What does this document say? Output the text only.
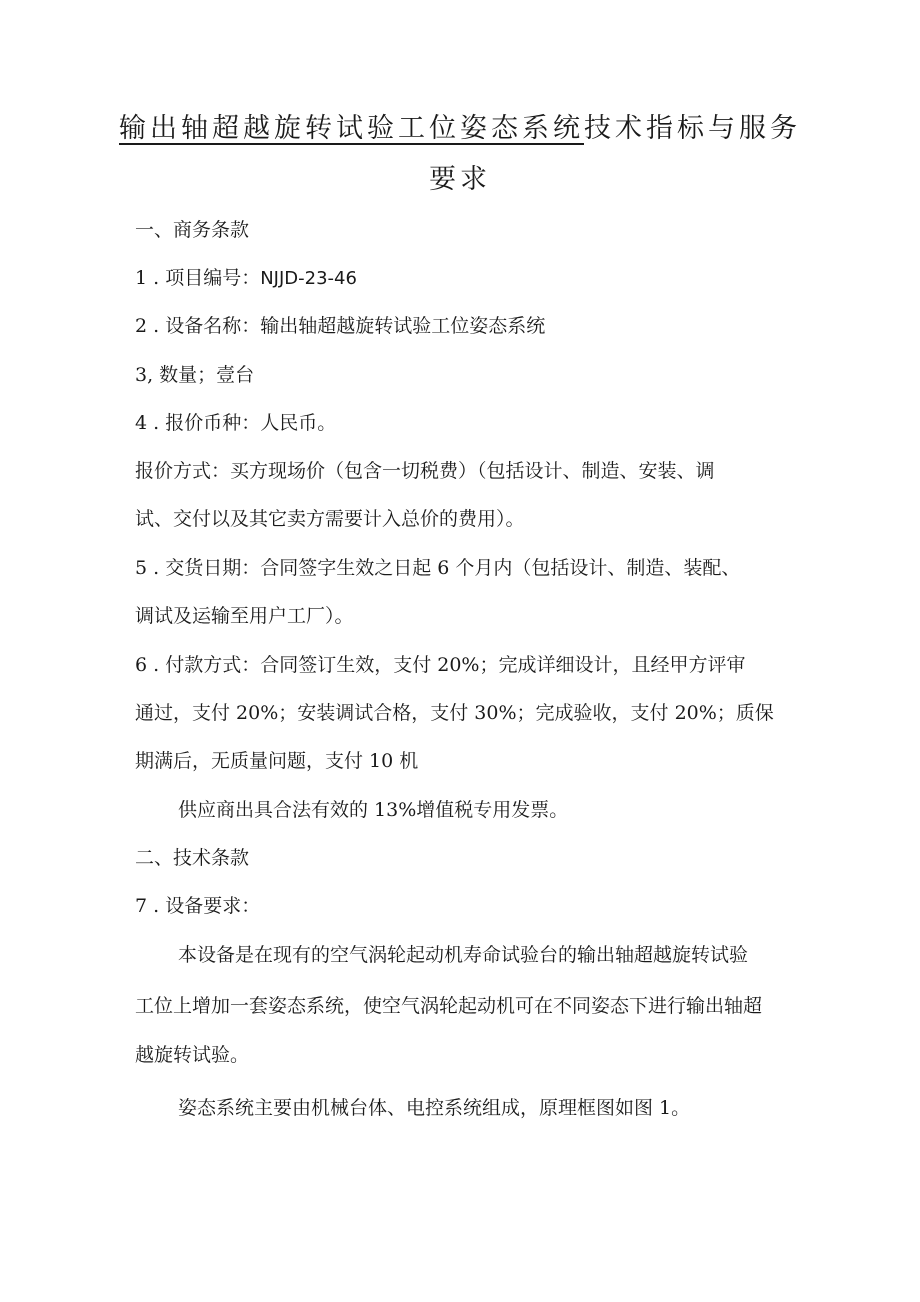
输出轴超越旋转试验工位姿态系统技术指标与服务
要求
一、商务条款
1 . 项目编号：NJJD-23-46
2 . 设备名称：输出轴超越旋转试验工位姿态系统
3, 数量；壹台
4 . 报价币种：人民币。
报价方式：买方现场价（包含一切税费）（包括设计、制造、安装、调
试、交付以及其它卖方需要计入总价的费用）。
5 . 交货日期：合同签字生效之日起 6 个月内（包括设计、制造、装配、
调试及运输至用户工厂）。
6 . 付款方式：合同签订生效，支付 20%；完成详细设计，且经甲方评审
通过，支付 20%；安装调试合格，支付 30%；完成验收，支付 20%；质保
期满后，无质量问题，支付 10 机
供应商出具合法有效的 13%增值税专用发票。
二、技术条款
7 . 设备要求：
本设备是在现有的空气涡轮起动机寿命试验台的输出轴超越旋转试验
工位上增加一套姿态系统，使空气涡轮起动机可在不同姿态下进行输出轴超
越旋转试验。
姿态系统主要由机械台体、电控系统组成，原理框图如图 1。
